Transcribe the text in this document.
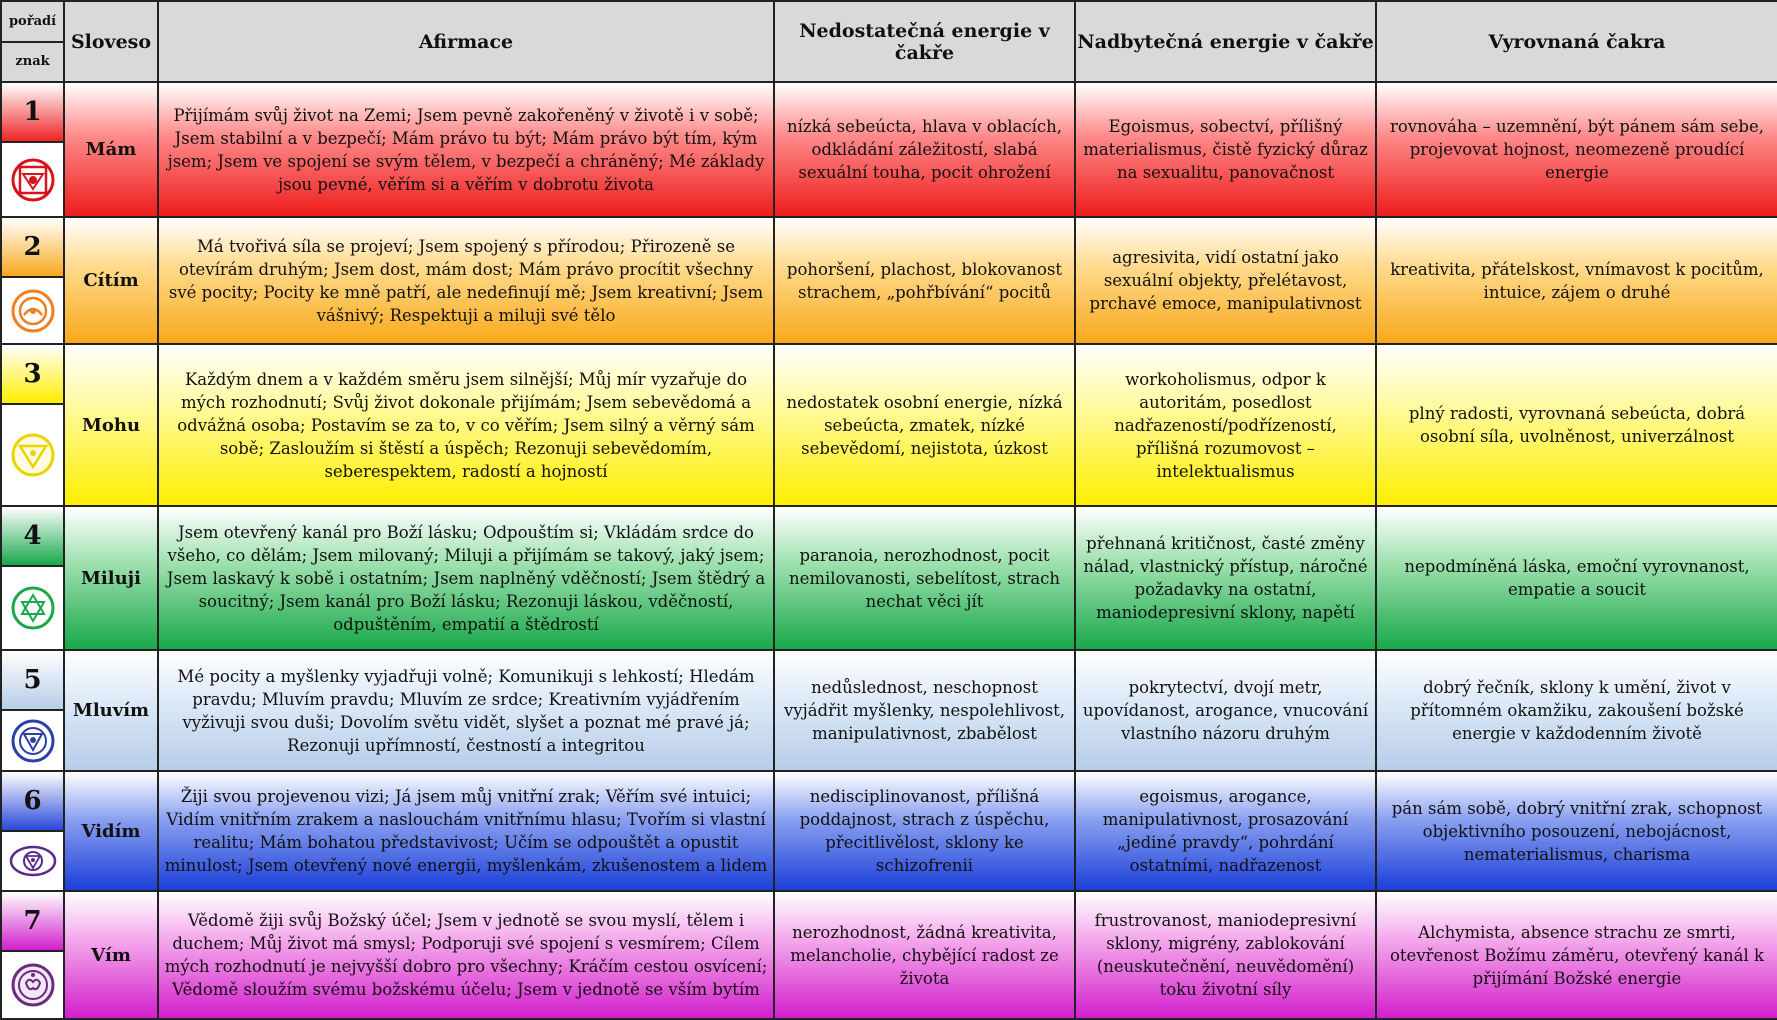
pořadí	Sloveso	Afirmace	Nedostatečná energie v čakře	Nadbytečná energie v čakře	Vyrovnaná čakra
znak					
1	Mám	Přijímám svůj život na Zemi; Jsem pevně zakořeněný v životě i v sobě; Jsem stabilní a v bezpečí; Mám právo tu být; Mám právo být tím, kým jsem; Jsem ve spojení se svým tělem, v bezpečí a chráněný; Mé základy jsou pevné, věřím si a věřím v dobrotu života	nízká sebeúcta, hlava v oblacích, odkládání záležitostí, slabá sexuální touha, pocit ohrožení	Egoismus, sobectví, přílišný materialismus, čistě fyzický důraz na sexualitu, panovačnost	rovnováha – uzemnění, být pánem sám sebe, projevovat hojnost, neomezeně proudící energie

2	Cítím	Má tvořivá síla se projeví; Jsem spojený s přírodou; Přirozeně se otevírám druhým; Jsem dost, mám dost; Mám právo procítit všechny své pocity; Pocity ke mně patří, ale nedefinují mě; Jsem kreativní; Jsem vášnivý; Respektuji a miluji své tělo	pohoršení, plachost, blokovanost strachem, „pohřbívání“ pocitů	agresivita, vidí ostatní jako sexuální objekty, přelétavost, prchavé emoce, manipulativnost	kreativita, přátelskost, vnímavost k pocitům, intuice, zájem o druhé

3	Mohu	Každým dnem a v každém směru jsem silnější; Můj mír vyzařuje do mých rozhodnutí; Svůj život dokonale přijímám; Jsem sebevědomá a odvážná osoba; Postavím se za to, v co věřím; Jsem silný a věrný sám sobě; Zasloužím si štěstí a úspěch; Rezonuji sebevědomím, seberespektem, radostí a hojností	nedostatek osobní energie, nízká sebeúcta, zmatek, nízké sebevědomí, nejistota, úzkost	workoholismus, odpor k autoritám, posedlost nadřazeností/podřízeností, přílišná rozumovost – intelektualismus	plný radosti, vyrovnaná sebeúcta, dobrá osobní síla, uvolněnost, univerzálnost

4	Miluji	Jsem otevřený kanál pro Boží lásku; Odpouštím si; Vkládám srdce do všeho, co dělám; Jsem milovaný; Miluji a přijímám se takový, jaký jsem; Jsem laskavý k sobě i ostatním; Jsem naplněný vděčností; Jsem štědrý a soucitný; Jsem kanál pro Boží lásku; Rezonuji láskou, vděčností, odpuštěním, empatií a štědrostí	paranoia, nerozhodnost, pocit nemilovanosti, sebelítost, strach nechat věci jít	přehnaná kritičnost, časté změny nálad, vlastnický přístup, náročné požadavky na ostatní, maniodepresivní sklony, napětí	nepodmíněná láska, emoční vyrovnanost, empatie a soucit

5	Mluvím	Mé pocity a myšlenky vyjadřuji volně; Komunikuji s lehkostí; Hledám pravdu; Mluvím pravdu; Mluvím ze srdce; Kreativním vyjádřením vyživuji svou duši; Dovolím světu vidět, slyšet a poznat mé pravé já; Rezonuji upřímností, čestností a integritou	nedůslednost, neschopnost vyjádřit myšlenky, nespolehlivost, manipulativnost, zbabělost	pokrytectví, dvojí metr, upovídanost, arogance, vnucování vlastního názoru druhým	dobrý řečník, sklony k umění, život v přítomném okamžiku, zakoušení božské energie v každodenním životě

6	Vidím	Žiji svou projevenou vizi; Já jsem můj vnitřní zrak; Věřím své intuici; Vidím vnitřním zrakem a naslouchám vnitřnímu hlasu; Tvořím si vlastní realitu; Mám bohatou představivost; Učím se odpouštět a opustit minulost; Jsem otevřený nové energii, myšlenkám, zkušenostem a lidem	nedisciplinovanost, přílišná poddajnost, strach z úspěchu, přecitlivělost, sklony ke schizofrenii	egoismus, arogance, manipulativnost, prosazování „jediné pravdy“, pohrdání ostatními, nadřazenost	pán sám sobě, dobrý vnitřní zrak, schopnost objektivního posouzení, nebojácnost, nematerialismus, charisma

7	Vím	Vědomě žiji svůj Božský účel; Jsem v jednotě se svou myslí, tělem i duchem; Můj život má smysl; Podporuji své spojení s vesmírem; Cílem mých rozhodnutí je nejvyšší dobro pro všechny; Kráčím cestou osvícení; Vědomě sloužím svému božskému účelu; Jsem v jednotě se vším bytím	nerozhodnost, žádná kreativita, melancholie, chybějící radost ze života	frustrovanost, maniodepresivní sklony, migrény, zablokování (neuskutečnění, neuvědomění) toku životní síly	Alchymista, absence strachu ze smrti, otevřenost Božímu záměru, otevřený kanál k přijímání Božské energie
